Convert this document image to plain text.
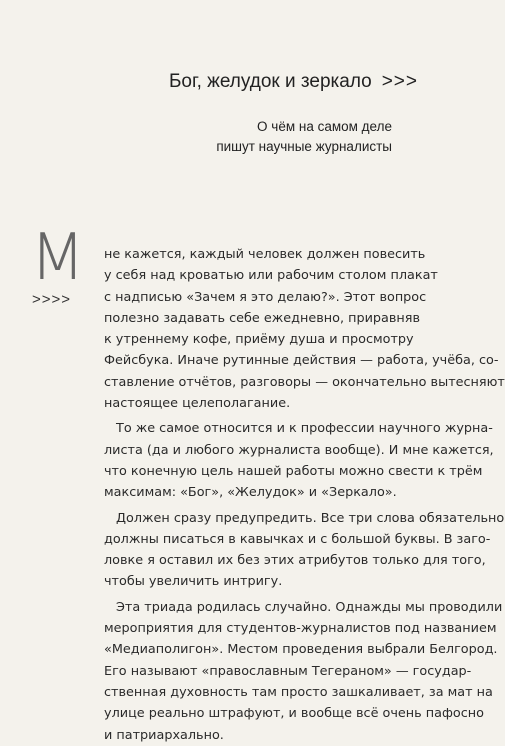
Бог, желудок и зеркало >>>
О чём на самом деле
пишут научные журналисты
М
>>>>
не кажется, каждый человек должен повесить
у себя над кроватью или рабочим столом плакат
с надписью «Зачем я это делаю?». Этот вопрос
полезно задавать себе ежедневно, приравняв
к утреннему кофе, приёму душа и просмотру
Фейсбука. Иначе рутинные действия — работа, учёба, со-
ставление отчётов, разговоры — окончательно вытесняют
настоящее целеполагание.
То же самое относится и к профессии научного журна-
листа (да и любого журналиста вообще). И мне кажется,
что конечную цель нашей работы можно свести к трём
максимам: «Бог», «Желудок» и «Зеркало».
Должен сразу предупредить. Все три слова обязательно
должны писаться в кавычках и с большой буквы. В заго-
ловке я оставил их без этих атрибутов только для того,
чтобы увеличить интригу.
Эта триада родилась случайно. Однажды мы проводили
мероприятия для студентов-журналистов под названием
«Медиаполигон». Местом проведения выбрали Белгород.
Его называют «православным Тегераном» — государ-
ственная духовность там просто зашкаливает, за мат на
улице реально штрафуют, и вообще всё очень пафосно
и патриархально.
